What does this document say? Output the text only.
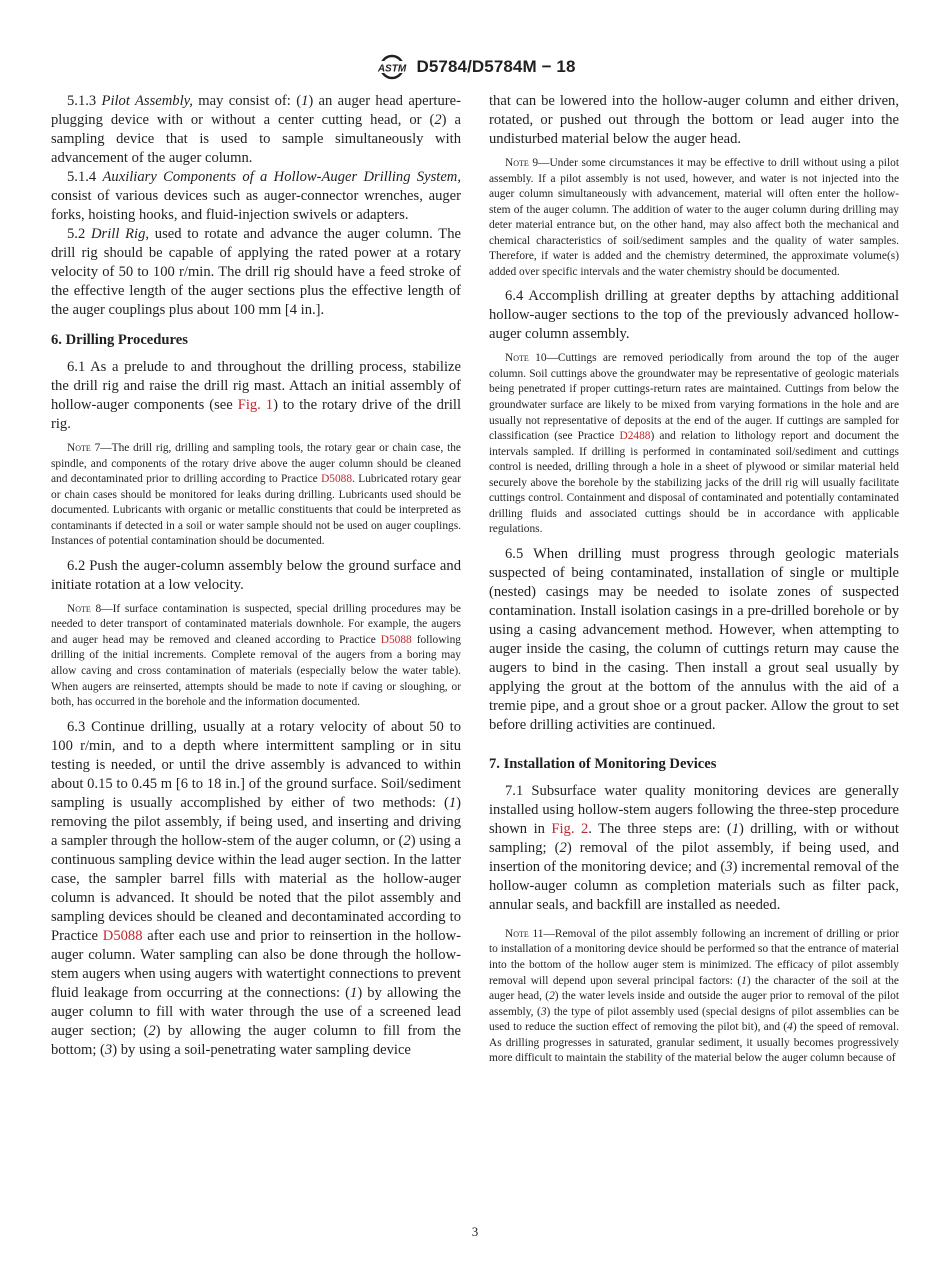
ASTM D5784/D5784M − 18

5.1.3 Pilot Assembly, may consist of: (1) an auger head aperture-plugging device with or without a center cutting head, or (2) a sampling device that is used to sample simultaneously with advancement of the auger column.

5.1.4 Auxiliary Components of a Hollow-Auger Drilling System, consist of various devices such as auger-connector wrenches, auger forks, hoisting hooks, and fluid-injection swivels or adapters.

5.2 Drill Rig, used to rotate and advance the auger column. The drill rig should be capable of applying the rated power at a rotary velocity of 50 to 100 r/min. The drill rig should have a feed stroke of the effective length of the auger sections plus the effective length of the auger couplings plus about 100 mm [4 in.].

6. Drilling Procedures

6.1 As a prelude to and throughout the drilling process, stabilize the drill rig and raise the drill rig mast. Attach an initial assembly of hollow-auger components (see Fig. 1) to the rotary drive of the drill rig.

Note 7—The drill rig, drilling and sampling tools, the rotary gear or chain case, the spindle, and components of the rotary drive above the auger column should be cleaned and decontaminated prior to drilling according to Practice D5088. Lubricated rotary gear or chain cases should be monitored for leaks during drilling. Lubricants used should be documented. Lubricants with organic or metallic constituents that could be interpreted as contaminants if detected in a soil or water sample should not be used on auger couplings. Instances of potential contamination should be documented.

6.2 Push the auger-column assembly below the ground surface and initiate rotation at a low velocity.

Note 8—If surface contamination is suspected, special drilling procedures may be needed to deter transport of contaminated materials downhole. For example, the augers and auger head may be removed and cleaned according to Practice D5088 following drilling of the initial increments. Complete removal of the augers from a boring may allow caving and cross contamination of materials (especially below the water table). When augers are reinserted, attempts should be made to note if caving or sloughing, or both, has occurred in the borehole and the information documented.

6.3 Continue drilling, usually at a rotary velocity of about 50 to 100 r/min, and to a depth where intermittent sampling or in situ testing is needed, or until the drive assembly is advanced to within about 0.15 to 0.45 m [6 to 18 in.] of the ground surface. Soil/sediment sampling is usually accomplished by either of two methods: (1) removing the pilot assembly, if being used, and inserting and driving a sampler through the hollow-stem of the auger column, or (2) using a continuous sampling device within the lead auger section. In the latter case, the sampler barrel fills with material as the hollow-auger column is advanced. It should be noted that the pilot assembly and sampling devices should be cleaned and decontaminated according to Practice D5088 after each use and prior to reinsertion in the hollow-auger column. Water sampling can also be done through the hollow-stem augers when using augers with watertight connections to prevent fluid leakage from occurring at the connections: (1) by allowing the auger column to fill with water through the use of a screened lead auger section; (2) by allowing the auger column to fill from the bottom; (3) by using a soil-penetrating water sampling device

that can be lowered into the hollow-auger column and either driven, rotated, or pushed out through the bottom or lead auger into the undisturbed material below the auger head.

Note 9—Under some circumstances it may be effective to drill without using a pilot assembly. If a pilot assembly is not used, however, and water is not injected into the auger column simultaneously with advancement, material will often enter the hollow-stem of the auger column. The addition of water to the auger column during drilling may deter material entrance but, on the other hand, may also affect both the mechanical and chemical characteristics of soil/sediment samples and the quality of water samples. Therefore, if water is added and the chemistry determined, the approximate volume(s) added over specific intervals and the water chemistry should be documented.

6.4 Accomplish drilling at greater depths by attaching additional hollow-auger sections to the top of the previously advanced hollow-auger column assembly.

Note 10—Cuttings are removed periodically from around the top of the auger column. Soil cuttings above the groundwater may be representative of geologic materials being penetrated if proper cuttings-return rates are maintained. Cuttings from below the groundwater surface are likely to be mixed from varying formations in the hole and are usually not representative of deposits at the end of the auger. If cuttings are sampled for classification (see Practice D2488) and relation to lithology report and document the intervals sampled. If drilling is performed in contaminated soil/sediment and cuttings control is needed, drilling through a hole in a sheet of plywood or similar material held securely above the borehole by the stabilizing jacks of the drill rig will usually facilitate cuttings control. Containment and disposal of contaminated and potentially contaminated drilling fluids and associated cuttings should be in accordance with applicable regulations.

6.5 When drilling must progress through geologic materials suspected of being contaminated, installation of single or multiple (nested) casings may be needed to isolate zones of suspected contamination. Install isolation casings in a pre-drilled borehole or by using a casing advancement method. However, when attempting to auger inside the casing, the column of cuttings return may cause the augers to bind in the casing. Then install a grout seal usually by applying the grout at the bottom of the annulus with the aid of a tremie pipe, and a grout shoe or a grout packer. Allow the grout to set before drilling activities are continued.

7. Installation of Monitoring Devices

7.1 Subsurface water quality monitoring devices are generally installed using hollow-stem augers following the three-step procedure shown in Fig. 2. The three steps are: (1) drilling, with or without sampling; (2) removal of the pilot assembly, if being used, and insertion of the monitoring device; and (3) incremental removal of the hollow-auger column as completion materials such as filter pack, annular seals, and backfill are installed as needed.

Note 11—Removal of the pilot assembly following an increment of drilling or prior to installation of a monitoring device should be performed so that the entrance of material into the bottom of the hollow auger stem is minimized. The efficacy of pilot assembly removal will depend upon several principal factors: (1) the character of the soil at the auger head, (2) the water levels inside and outside the auger prior to removal of the pilot assembly, (3) the type of pilot assembly used (special designs of pilot assemblies can be used to reduce the suction effect of removing the pilot bit), and (4) the speed of removal. As drilling progresses in saturated, granular sediment, it usually becomes progressively more difficult to maintain the stability of the material below the auger column because of

3
